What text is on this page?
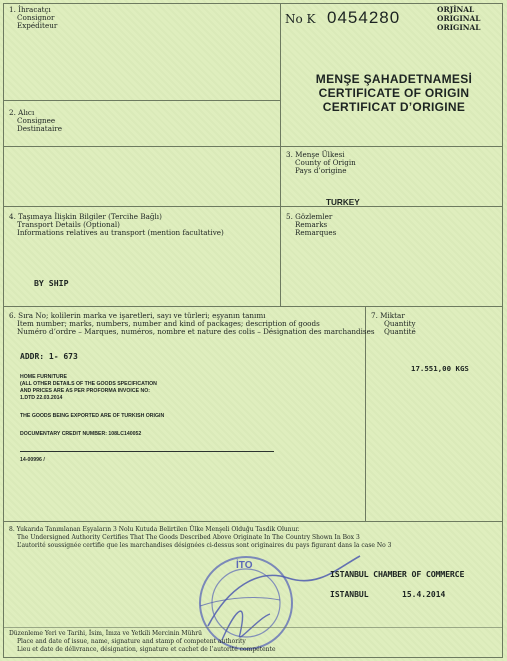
1. İhracatçı
Consignor
Expéditeur	No K 0454280	ORJİNAL
ORIGINAL
ORIGINAL
MENŞE ŞAHADETNAMESİ
CERTIFICATE OF ORIGIN
CERTIFICAT D’ORIGINE
2. Alıcı
Consignee
Destinataire
3. Menşe Ülkesi
County of Origin
Pays d’origine
TURKEY
4. Taşımaya İlişkin Bilgiler (Tercihe Bağlı)
Transport Details (Optional)
Informations relatives au transport (mention facultative)
BY SHIP
5. Gözlemler
Remarks
Remarques
6. Sıra No; kolilerin marka ve işaretleri, sayı ve türleri; eşyanın tanımı
Item number; marks, numbers, number and kind of packages; description of goods
Numéro d’ordre – Marques, numéros, nombre et nature des colis – Désignation des marchandises
ADDR: 1- 673
HOME FURNITURE
(ALL OTHER DETAILS OF THE GOODS SPECIFICATION
AND PRICES ARE AS PER PROFORMA INVOICE NO:
1.DTD 22.03.2014
THE GOODS BEING EXPORTED ARE OF TURKISH ORIGIN
DOCUMENTARY CREDIT NUMBER: 108LC140052
14-00996 /
7. Miktar
Quantity
Quantité
17.551,00 KGS
8. Yukarıda Tanımlanan Eşyaların 3 Nolu Kutuda Belirtilen Ülke Menşeli Olduğu Tasdik Olunur.
The Undersigned Authority Certifies That The Goods Described Above Originate In The Country Shown In Box 3
L’autorité soussignée certifie que les marchandises désignées ci-dessus sont originaires du pays figurant dans la case No 3
İTO
ISTANBUL CHAMBER OF COMMERCE
ISTANBUL	15.4.2014
Düzenleme Yeri ve Tarihi, İsim, İmza ve Yetkili Mercinin Mührü
Place and date of issue, name, signature and stamp of competent authority
Lieu et date de délivrance, désignation, signature et cachet de l’autorité compétente
